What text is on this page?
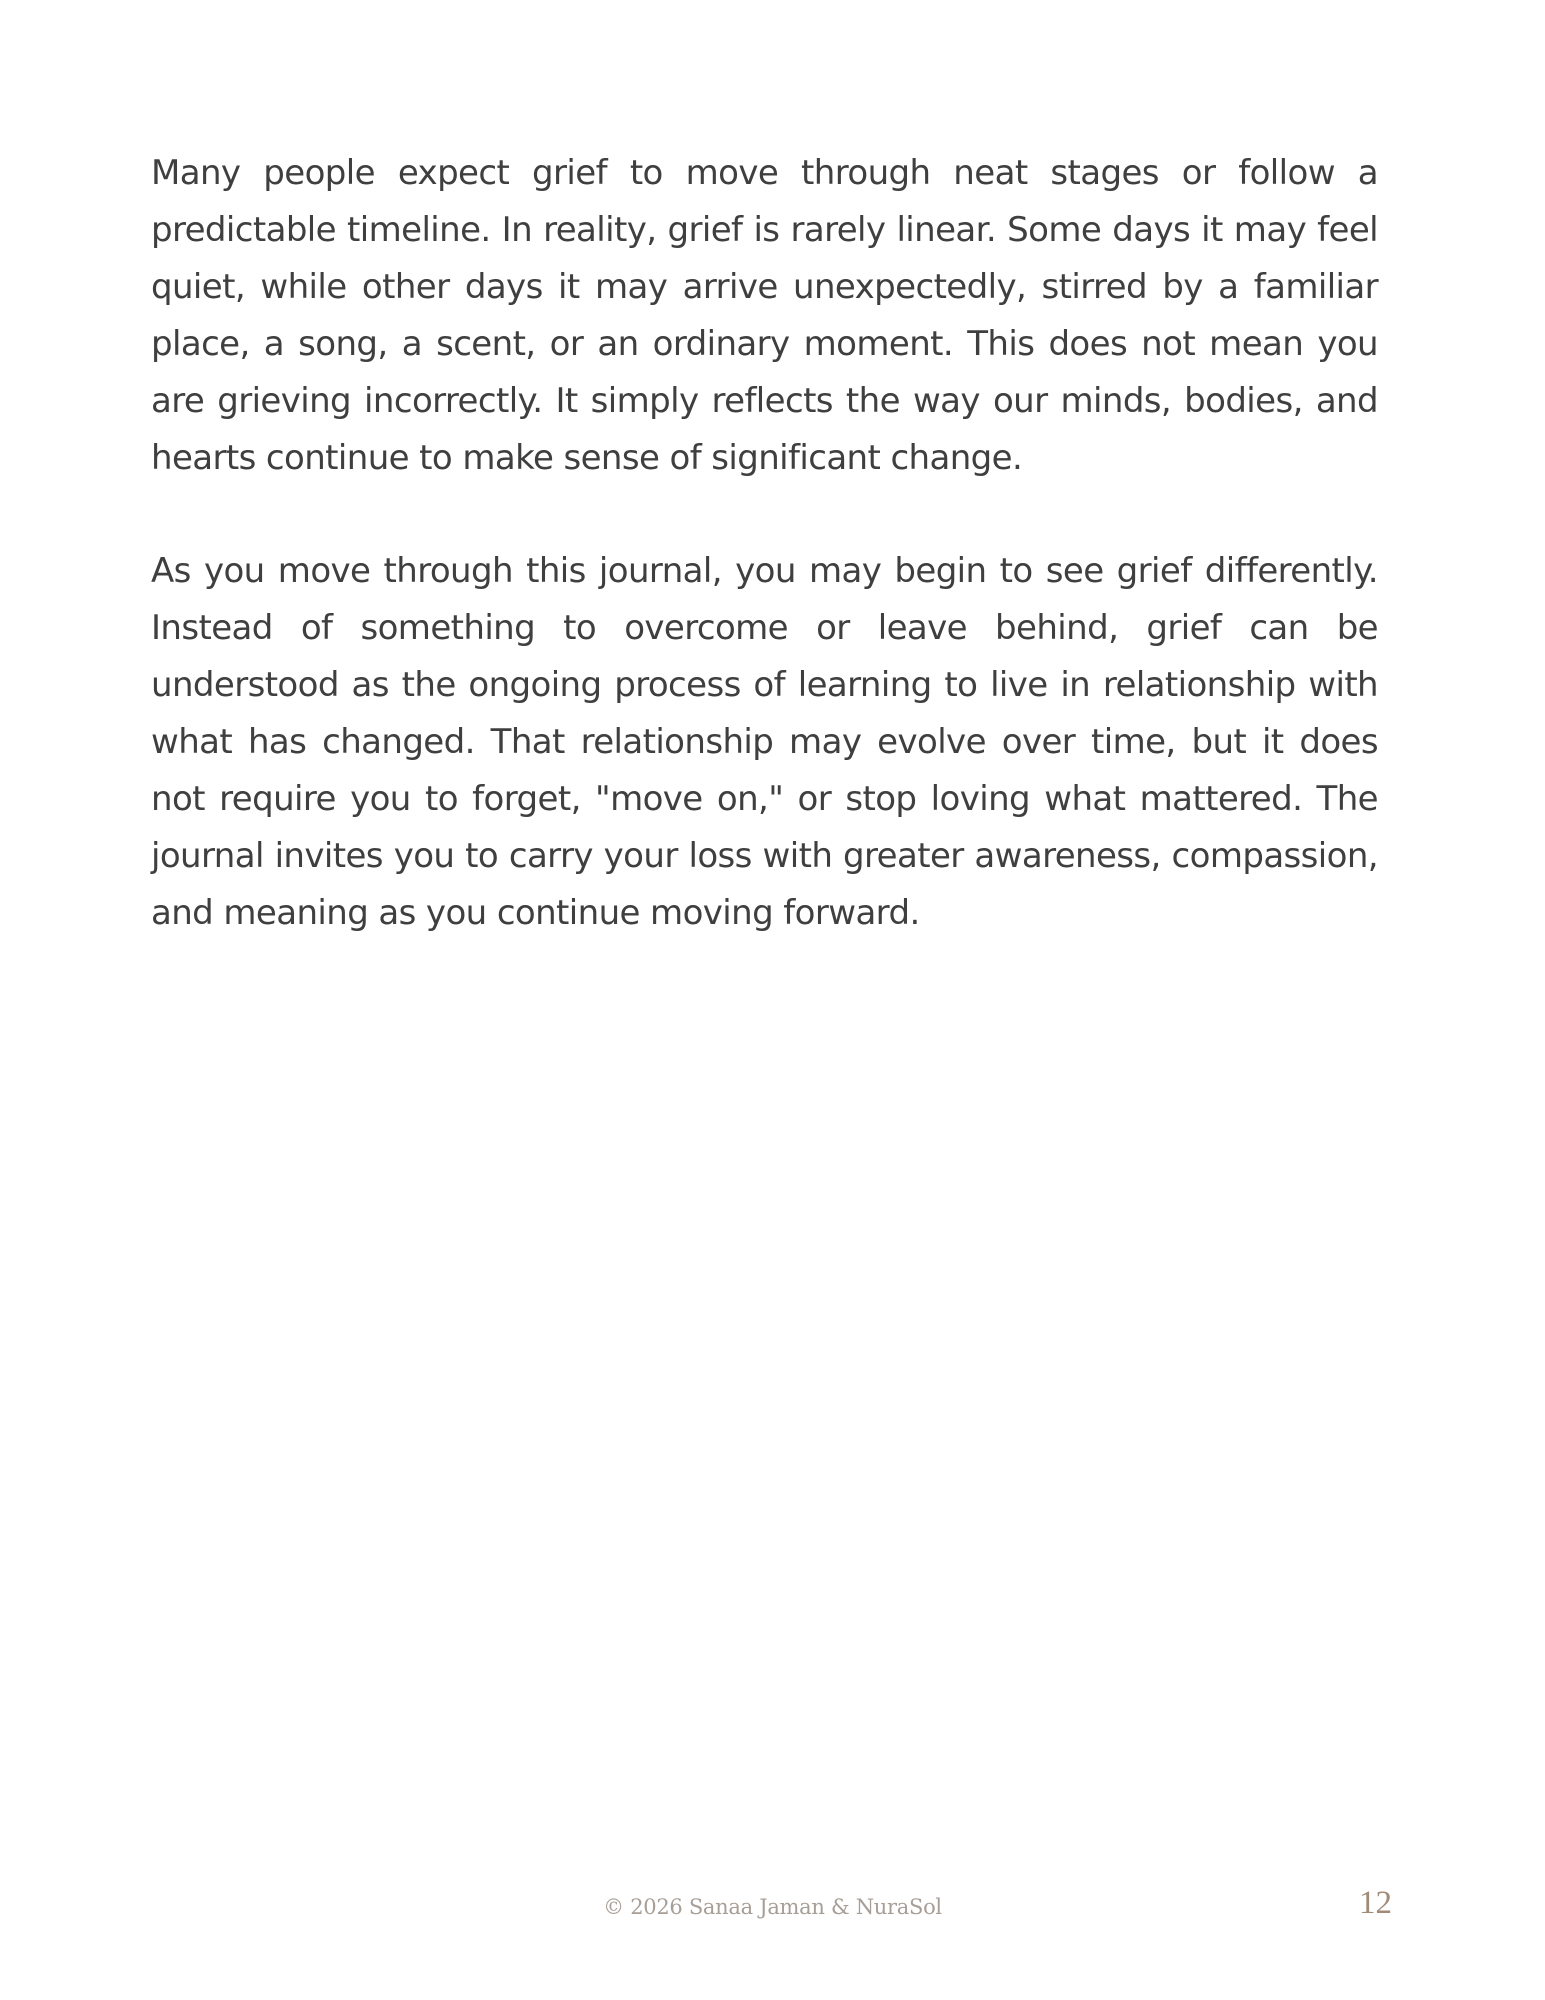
Many people expect grief to move through neat stages or follow a predictable timeline. In reality, grief is rarely linear. Some days it may feel quiet, while other days it may arrive unexpectedly, stirred by a familiar place, a song, a scent, or an ordinary moment. This does not mean you are grieving incorrectly. It simply reflects the way our minds, bodies, and hearts continue to make sense of significant change.

As you move through this journal, you may begin to see grief differently. Instead of something to overcome or leave behind, grief can be understood as the ongoing process of learning to live in relationship with what has changed. That relationship may evolve over time, but it does not require you to forget, "move on," or stop loving what mattered. The journal invites you to carry your loss with greater awareness, compassion, and meaning as you continue moving forward.

© 2026 Sanaa Jaman & NuraSol	12
